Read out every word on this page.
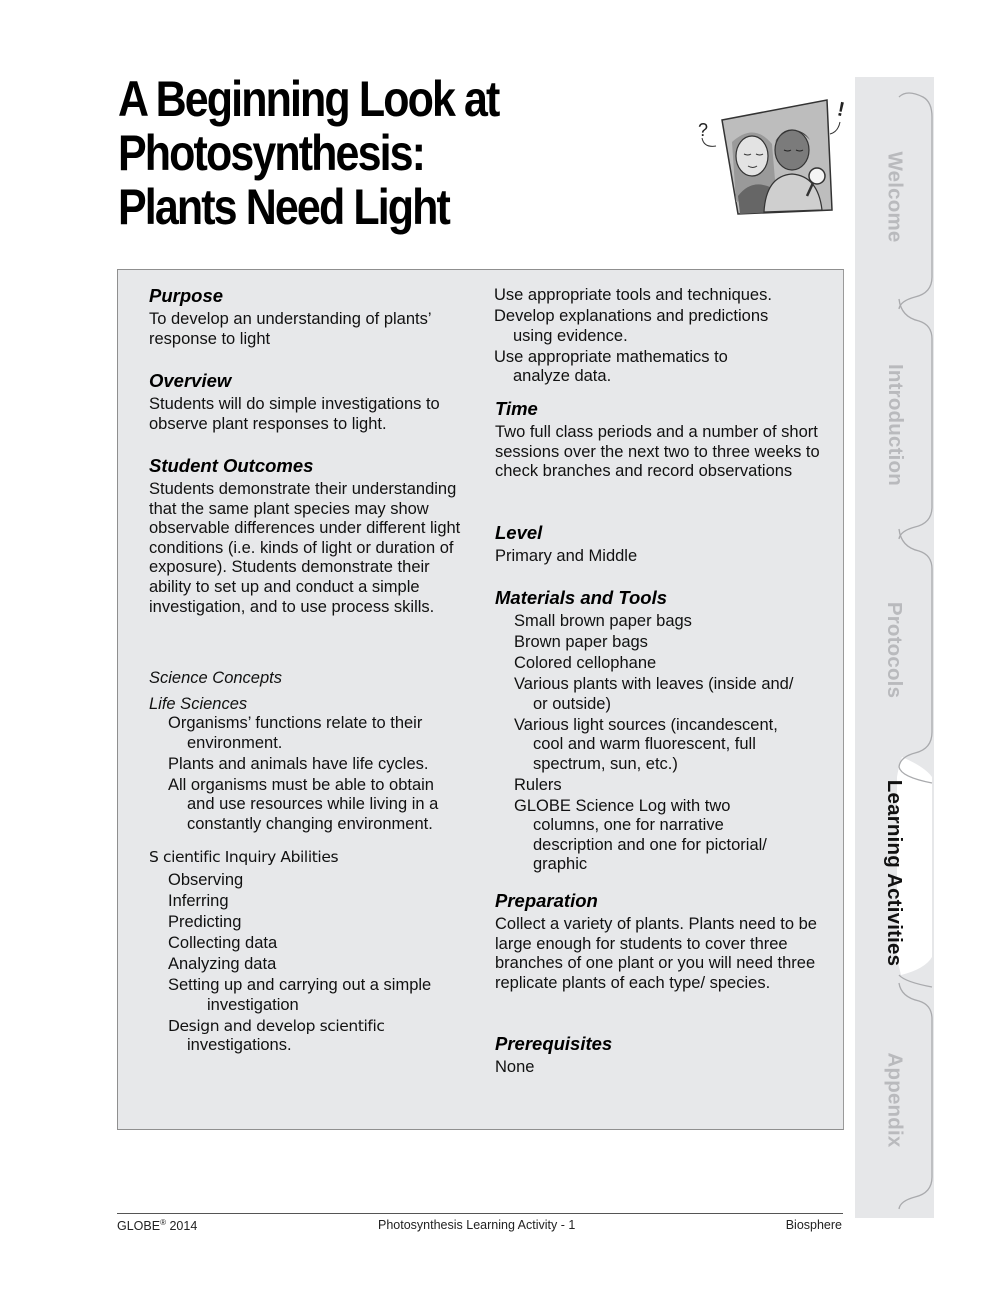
A Beginning Look at
Photosynthesis:
Plants Need Light
?
!
Purpose

To develop an understanding of plants’ response to light

Overview

Students will do simple investigations to observe plant responses to light.

Student Outcomes

Students demonstrate their understanding that the same plant species may show observable differences under different light conditions (i.e. kinds of light or duration of exposure). Students demonstrate their ability to set up and conduct a simple investigation, and to use process skills.

Science Concepts

Life Sciences

Organisms’ functions relate to their
environment.

Plants and animals have life cycles.

All organisms must be able to obtain
and use resources while living in a constantly changing environment.

S cientific Inquiry Abilities

Observing

Inferring

Predicting

Collecting data

Analyzing data

Setting up and carrying out a simple
investigation

Design and develop scientific
investigations.

Use appropriate tools and techniques.

Develop explanations and predictions
using evidence.

Use appropriate mathematics to
analyze data.

Time

Two full class periods and a number of short sessions over the next two to three weeks to check branches and record observations

Level

Primary and Middle

Materials and Tools

Small brown paper bags

Brown paper bags

Colored cellophane

Various plants with leaves (inside and/
or outside)

Various light sources (incandescent,
cool and warm fluorescent, full spectrum, sun, etc.)

Rulers

GLOBE Science Log with two
columns, one for narrative description and one for pictorial/ graphic

Preparation

Collect a variety of plants. Plants need to be large enough for students to cover three branches of one plant or you will need three replicate plants of each type/ species.

Prerequisites

None

Welcome
Introduction
Protocols
Learning Activities
Appendix
GLOBE® 2014	Photosynthesis Learning Activity - 1	Biosphere
